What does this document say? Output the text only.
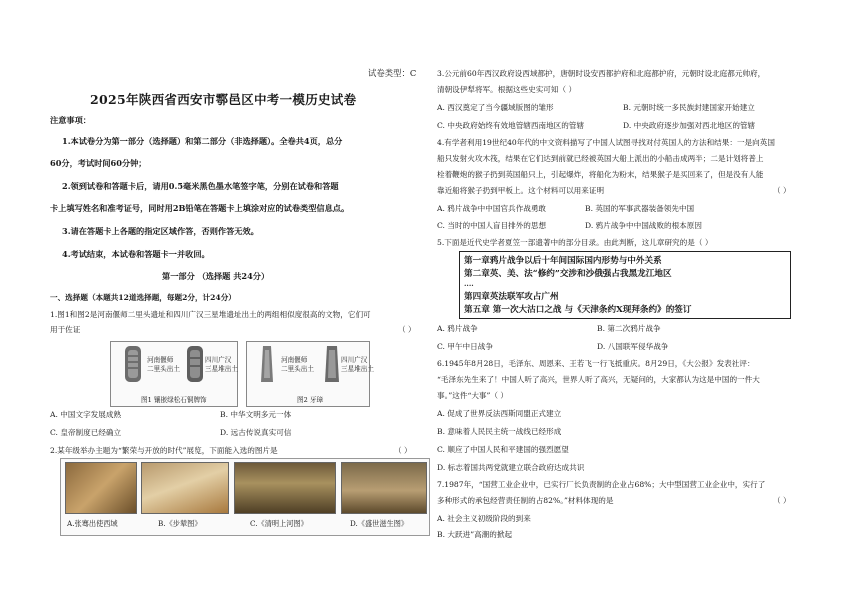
试卷类型：C
2025年陕西省西安市鄠邑区中考一模历史试卷
注意事项：
1.本试卷分为第一部分（选择题）和第二部分（非选择题）。全卷共4页，总分
60分，考试时间60分钟；
2.领到试卷和答题卡后，请用0.5毫米黑色墨水笔签字笔，分别在试卷和答题
卡上填写姓名和准考证号，同时用2B铅笔在答题卡上填涂对应的试卷类型信息点。
3.请在答题卡上各题的指定区域作答，否则作答无效。
4.考试结束，本试卷和答题卡一并收回。
第一部分 （选择题 共24分）
一、选择题（本题共12道选择题，每题2分，计24分）
1.图1和图2是河南偃师二里头遗址和四川广汉三星堆遗址出土的两组相似度很高的文物，它们可
用于佐证	（ ）
河南偃师
二里头出土
四川广汉
三星堆出土
图1 镶嵌绿松石铜牌饰
河南偃师
二里头出土
四川广汉
三星堆出土
图2 牙璋
A. 中国文字发展成熟	B. 中华文明多元一体
C. 皇帝制度已经确立	D. 远古传说真实可信
2.某年级举办主题为“繁荣与开放的时代”展览，下面能入选的图片是	（ ）
A.张骞出使西域	B.《步辇图》	C.《清明上河图》	D.《盛世滋生图》
3.公元前60年西汉政府设西域都护，唐朝时设安西都护府和北庭都护府，元朝时设北庭都元帅府，
清朝设伊犁将军。根据这些史实可知（ ）
A. 西汉奠定了当今疆域版图的雏形	B. 元朝时统一多民族封建国家开始建立
C. 中央政府始终有效地管辖西南地区的管辖	D. 中央政府逐步加强对西北地区的管辖
4.有学者利用19世纪40年代的中文资料描写了中国人试图寻找对付英国人的方法和结果：一是向英国
船只发射火攻木筏，结果在它们达到前就已经被英国大船上派出的小船击成两半；二是计划将普上
栓着鞭炮的猴子扔到英国船只上，引起爆炸，将船化为粉末，结果猴子是买回来了，但是没有人能
靠近船将猴子扔到甲板上。这个材料可以用来证明	（ ）
A. 鸦片战争中中国官兵作战勇敢	B. 英国的军事武器装备领先中国
C. 当时的中国人盲目排外的思想	D. 鸦片战争中中国战败的根本原因
5.下面是近代史学者夏笠一部遗著中的部分目录。由此判断，这儿章研究的是（ ）
第一章鸦片战争以后十年间国际国内形势与中外关系
第二章英、美、法“修约”交涉和沙俄强占我黑龙江地区
....
第四章英法联军攻占广州
第五章 第一次大沽口之战 与《天津条约X现拜条约》的签订
A. 鸦片战争	B. 第二次鸦片战争
C. 甲午中日战争	D. 八国联军侵华战争
6.1945年8月28日，毛泽东、周恩来、王若飞一行飞抵重庆。8月29日，《大公报》发表社评：
“毛泽东先生来了！中国人听了高兴，世界人听了高兴，无疑问的，大家都认为这是中国的一件大
事。”这件“大事”（ ）
A. 促成了世界反法西斯同盟正式建立
B. 意味着人民民主统一战线已经形成
C. 顺应了中国人民和平建国的强烈愿望
D. 标志着国共两党就建立联合政府达成共识
7.1987年，“国营工业企业中，已实行厂长负责制的企业占68%；大中型国营工业企业中，实行了
多种形式的承包经营责任制的占82%。”材料体现的是	（ ）
A. 社会主义初级阶段的到来
B. 大跃进”高潮的掀起
